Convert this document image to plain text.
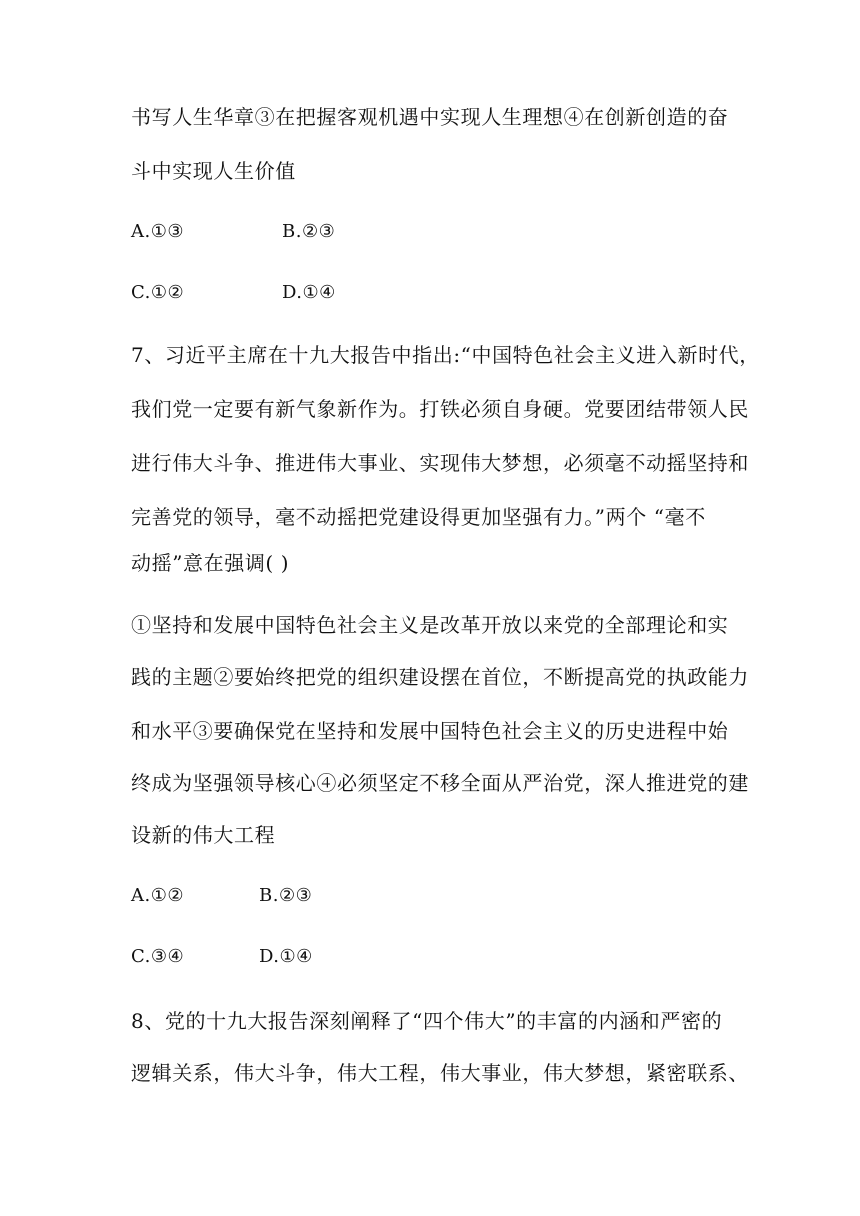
书写人生华章③在把握客观机遇中实现人生理想④在创新创造的奋
斗中实现人生价值
A.①③	B.②③
C.①②	D.①④
7、习近平主席在十九大报告中指出:“中国特色社会主义进入新时代，
我们党一定要有新气象新作为。打铁必须自身硬。党要团结带领人民
进行伟大斗争、推进伟大事业、实现伟大梦想，必须毫不动摇坚持和
完善党的领导，毫不动摇把党建设得更加坚强有力。”两个 “毫不
动摇”意在强调( )
①坚持和发展中国特色社会主义是改革开放以来党的全部理论和实
践的主题②要始终把党的组织建设摆在首位，不断提高党的执政能力
和水平③要确保党在坚持和发展中国特色社会主义的历史进程中始
终成为坚强领导核心④必须坚定不移全面从严治党，深人推进党的建
设新的伟大工程
A.①②	B.②③
C.③④	D.①④
8、党的十九大报告深刻阐释了“四个伟大”的丰富的内涵和严密的
逻辑关系，伟大斗争，伟大工程，伟大事业，伟大梦想，紧密联系、
